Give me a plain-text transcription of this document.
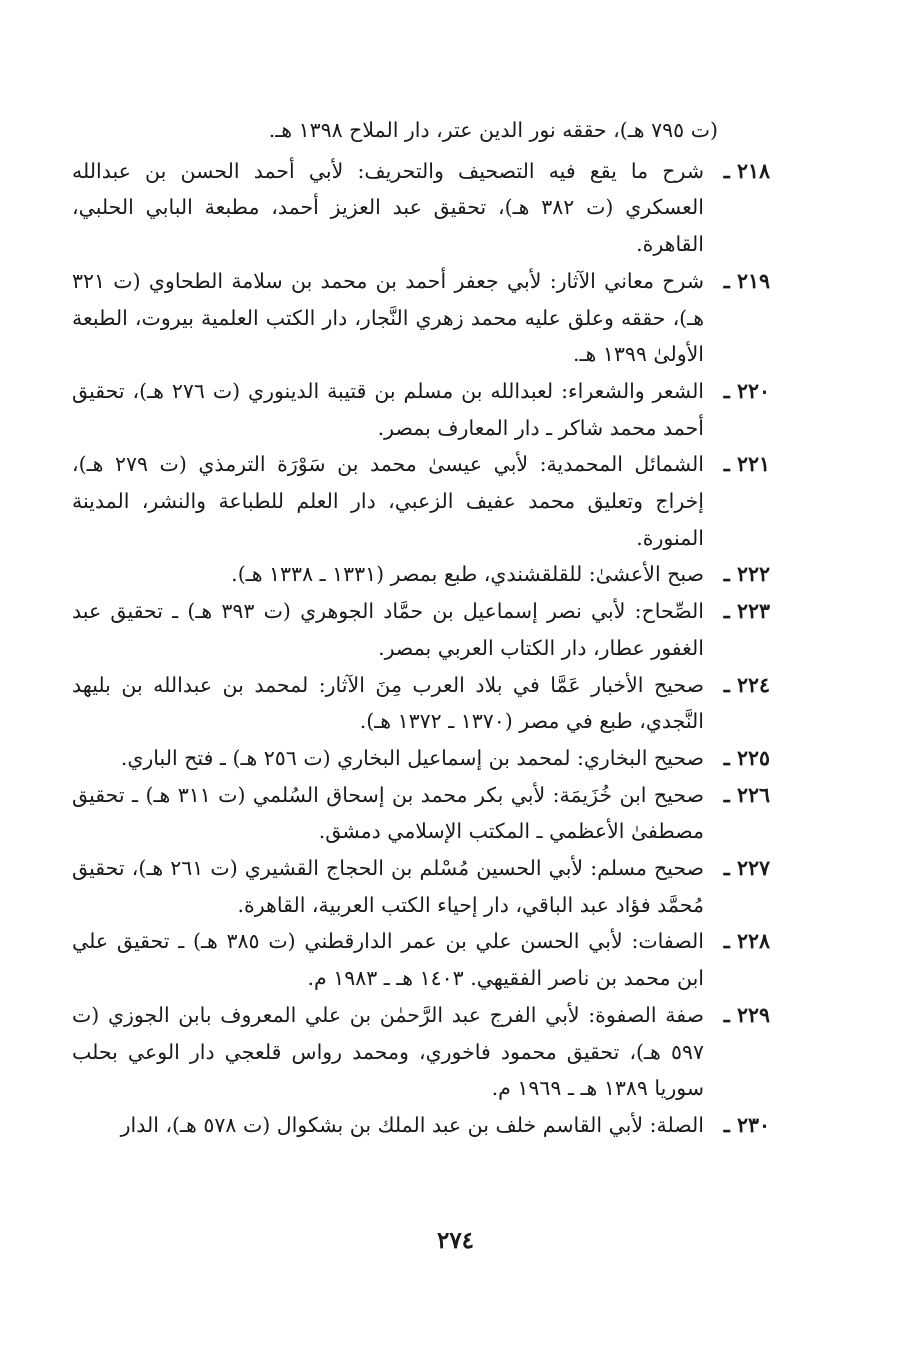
(ت ٧٩٥ هـ)، حققه نور الدين عتر، دار الملاح ١٣٩٨ هـ.

٢١٨ ـ
شرح ما يقع فيه التصحيف والتحريف: لأبي أحمد الحسن بن عبدالله العسكري (ت ٣٨٢ هـ)، تحقيق عبد العزيز أحمد، مطبعة البابي الحلبي، القاهرة.

٢١٩ ـ
شرح معاني الآثار: لأبي جعفر أحمد بن محمد بن سلامة الطحاوي (ت ٣٢١ هـ)، حققه وعلق عليه محمد زهري النَّجار، دار الكتب العلمية بيروت، الطبعة الأولىٰ ١٣٩٩ هـ.

٢٢٠ ـ
الشعر والشعراء: لعبدالله بن مسلم بن قتيبة الدينوري (ت ٢٧٦ هـ)، تحقيق أحمد محمد شاكر ـ دار المعارف بمصر.

٢٢١ ـ
الشمائل المحمدية: لأبي عيسىٰ محمد بن سَوْرَة الترمذي (ت ٢٧٩ هـ)، إخراج وتعليق محمد عفيف الزعبي، دار العلم للطباعة والنشر، المدينة المنورة.

٢٢٢ ـ
صبح الأعشىٰ: للقلقشندي، طبع بمصر (١٣٣١ ـ ١٣٣٨ هـ).

٢٢٣ ـ
الصِّحاح: لأبي نصر إسماعيل بن حمَّاد الجوهري (ت ٣٩٣ هـ) ـ تحقيق عبد الغفور عطار، دار الكتاب العربي بمصر.

٢٢٤ ـ
صحيح الأخبار عَمَّا في بلاد العرب مِنَ الآثار: لمحمد بن عبدالله بن بليهد النَّجدي، طبع في مصر (١٣٧٠ ـ ١٣٧٢ هـ).

٢٢٥ ـ
صحيح البخاري: لمحمد بن إسماعيل البخاري (ت ٢٥٦ هـ) ـ فتح الباري.

٢٢٦ ـ
صحيح ابن خُزَيمَة: لأبي بكر محمد بن إسحاق السُلمي (ت ٣١١ هـ) ـ تحقيق مصطفىٰ الأعظمي ـ المكتب الإسلامي دمشق.

٢٢٧ ـ
صحيح مسلم: لأبي الحسين مُسْلم بن الحجاج القشيري (ت ٢٦١ هـ)، تحقيق مُحمَّد فؤاد عبد الباقي، دار إحياء الكتب العربية، القاهرة.

٢٢٨ ـ
الصفات: لأبي الحسن علي بن عمر الدارقطني (ت ٣٨٥ هـ) ـ تحقيق علي ابن محمد بن ناصر الفقيهي. ١٤٠٣ هـ ـ ١٩٨٣ م.

٢٢٩ ـ
صفة الصفوة: لأبي الفرج عبد الرَّحمٰن بن علي المعروف بابن الجوزي (ت ٥٩٧ هـ)، تحقيق محمود فاخوري، ومحمد رواس قلعجي دار الوعي بحلب سوريا ١٣٨٩ هـ ـ ١٩٦٩ م.

٢٣٠ ـ
الصلة: لأبي القاسم خلف بن عبد الملك بن بشكوال (ت ٥٧٨ هـ)، الدار

٢٧٤
